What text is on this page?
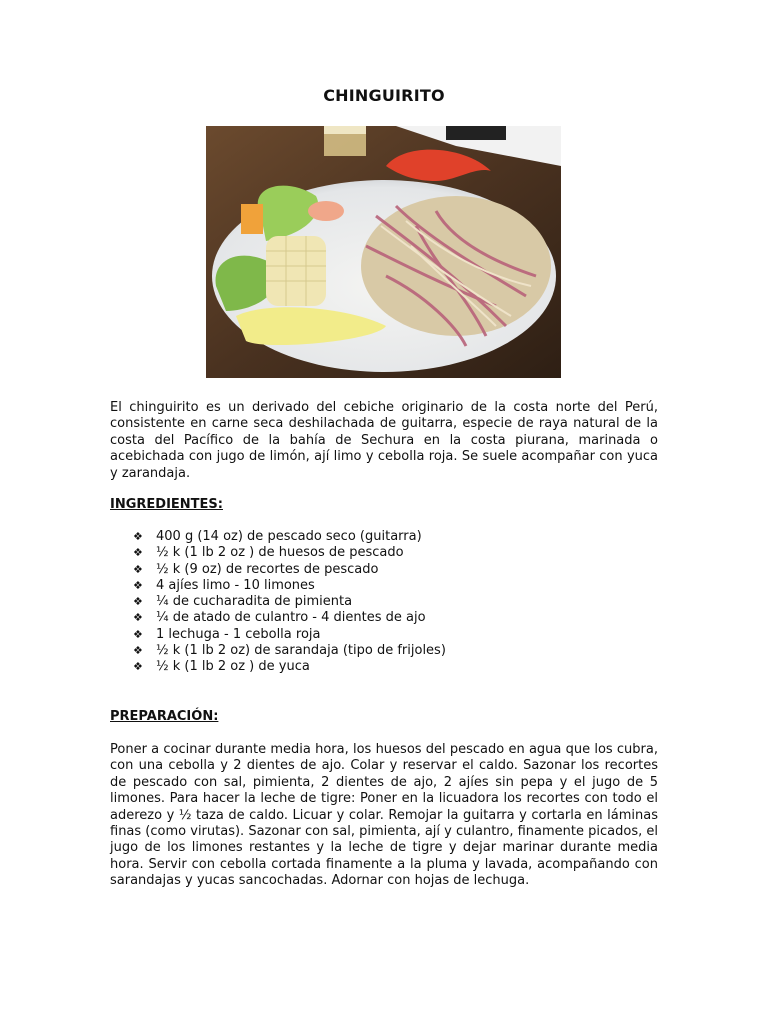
CHINGUIRITO

El chinguirito es un derivado del cebiche originario de la costa norte del Perú, consistente en carne seca deshilachada de guitarra, especie de raya natural de la costa del Pacífico de la bahía de Sechura en la costa piurana, marinada o acebichada con jugo de limón, ají limo y cebolla roja. Se suele acompañar con yuca y zarandaja.

INGREDIENTES:

❖	400 g (14 oz) de pescado seco (guitarra)
❖	½ k (1 lb 2 oz ) de huesos de pescado
❖	½ k (9 oz) de recortes de pescado
❖	4 ajíes limo - 10 limones
❖	¼ de cucharadita de pimienta
❖	¼ de atado de culantro - 4 dientes de ajo
❖	1 lechuga - 1 cebolla roja
❖	½ k (1 lb 2 oz) de sarandaja (tipo de frijoles)
❖	½ k (1 lb 2 oz ) de yuca

PREPARACIÓN:

Poner a cocinar durante media hora, los huesos del pescado en agua que los cubra, con una cebolla y 2 dientes de ajo. Colar y reservar el caldo. Sazonar los recortes de pescado con sal, pimienta, 2 dientes de ajo, 2 ajíes sin pepa y el jugo de 5 limones. Para hacer la leche de tigre: Poner en la licuadora los recortes con todo el aderezo y ½ taza de caldo. Licuar y colar. Remojar la guitarra y cortarla en láminas finas (como virutas). Sazonar con sal, pimienta, ají y culantro, finamente picados, el jugo de los limones restantes y la leche de tigre y dejar marinar durante media hora. Servir con cebolla cortada finamente a la pluma y lavada, acompañando con sarandajas y yucas sancochadas. Adornar con hojas de lechuga.
